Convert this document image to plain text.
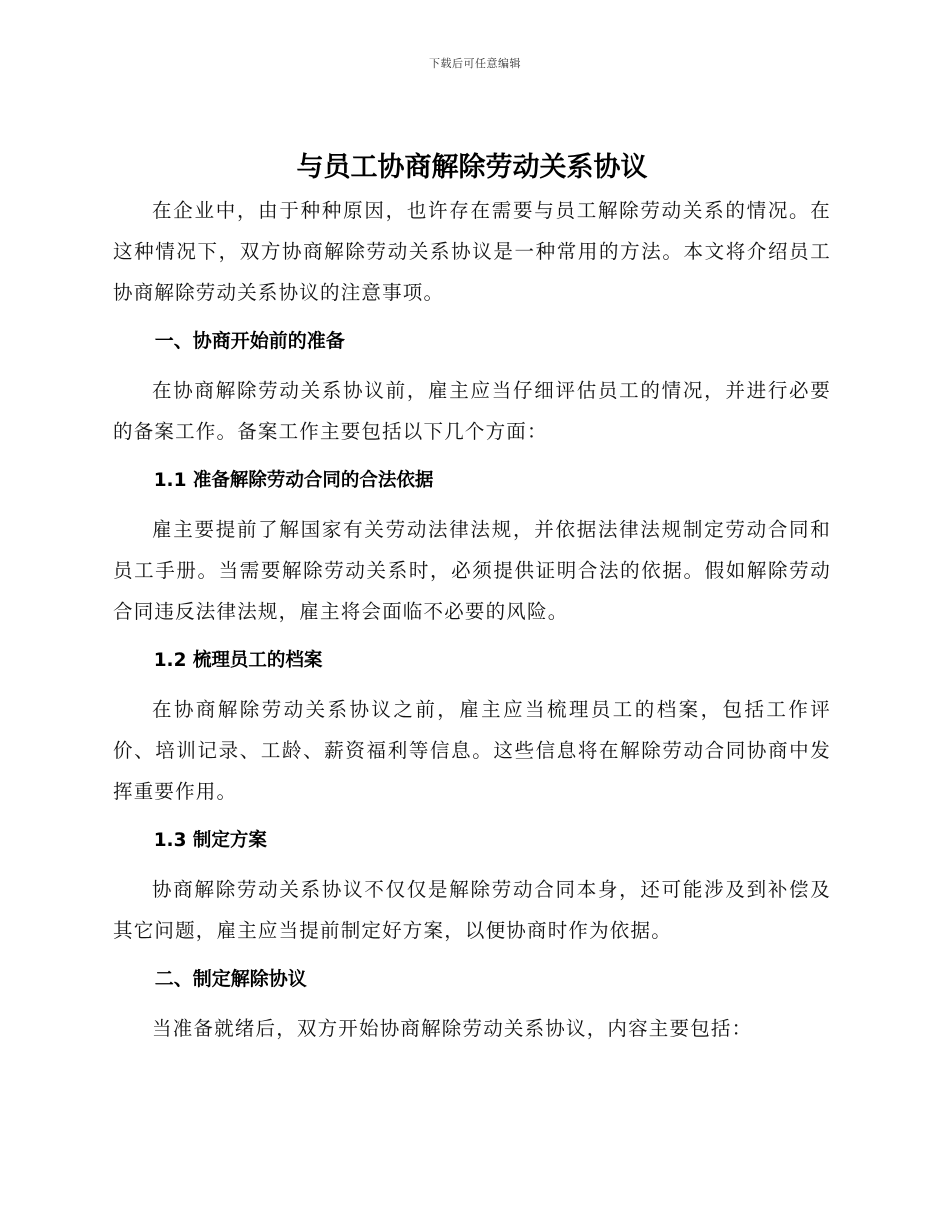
下载后可任意编辑
与员工协商解除劳动关系协议

在企业中，由于种种原因，也许存在需要与员工解除劳动关系的情况。在这种情况下，双方协商解除劳动关系协议是一种常用的方法。本文将介绍员工协商解除劳动关系协议的注意事项。

一、协商开始前的准备

在协商解除劳动关系协议前，雇主应当仔细评估员工的情况，并进行必要的备案工作。备案工作主要包括以下几个方面：

1.1 准备解除劳动合同的合法依据

雇主要提前了解国家有关劳动法律法规，并依据法律法规制定劳动合同和员工手册。当需要解除劳动关系时，必须提供证明合法的依据。假如解除劳动合同违反法律法规，雇主将会面临不必要的风险。

1.2 梳理员工的档案

在协商解除劳动关系协议之前，雇主应当梳理员工的档案，包括工作评价、培训记录、工龄、薪资福利等信息。这些信息将在解除劳动合同协商中发挥重要作用。

1.3 制定方案

协商解除劳动关系协议不仅仅是解除劳动合同本身，还可能涉及到补偿及其它问题，雇主应当提前制定好方案，以便协商时作为依据。

二、制定解除协议

当准备就绪后，双方开始协商解除劳动关系协议，内容主要包括：
